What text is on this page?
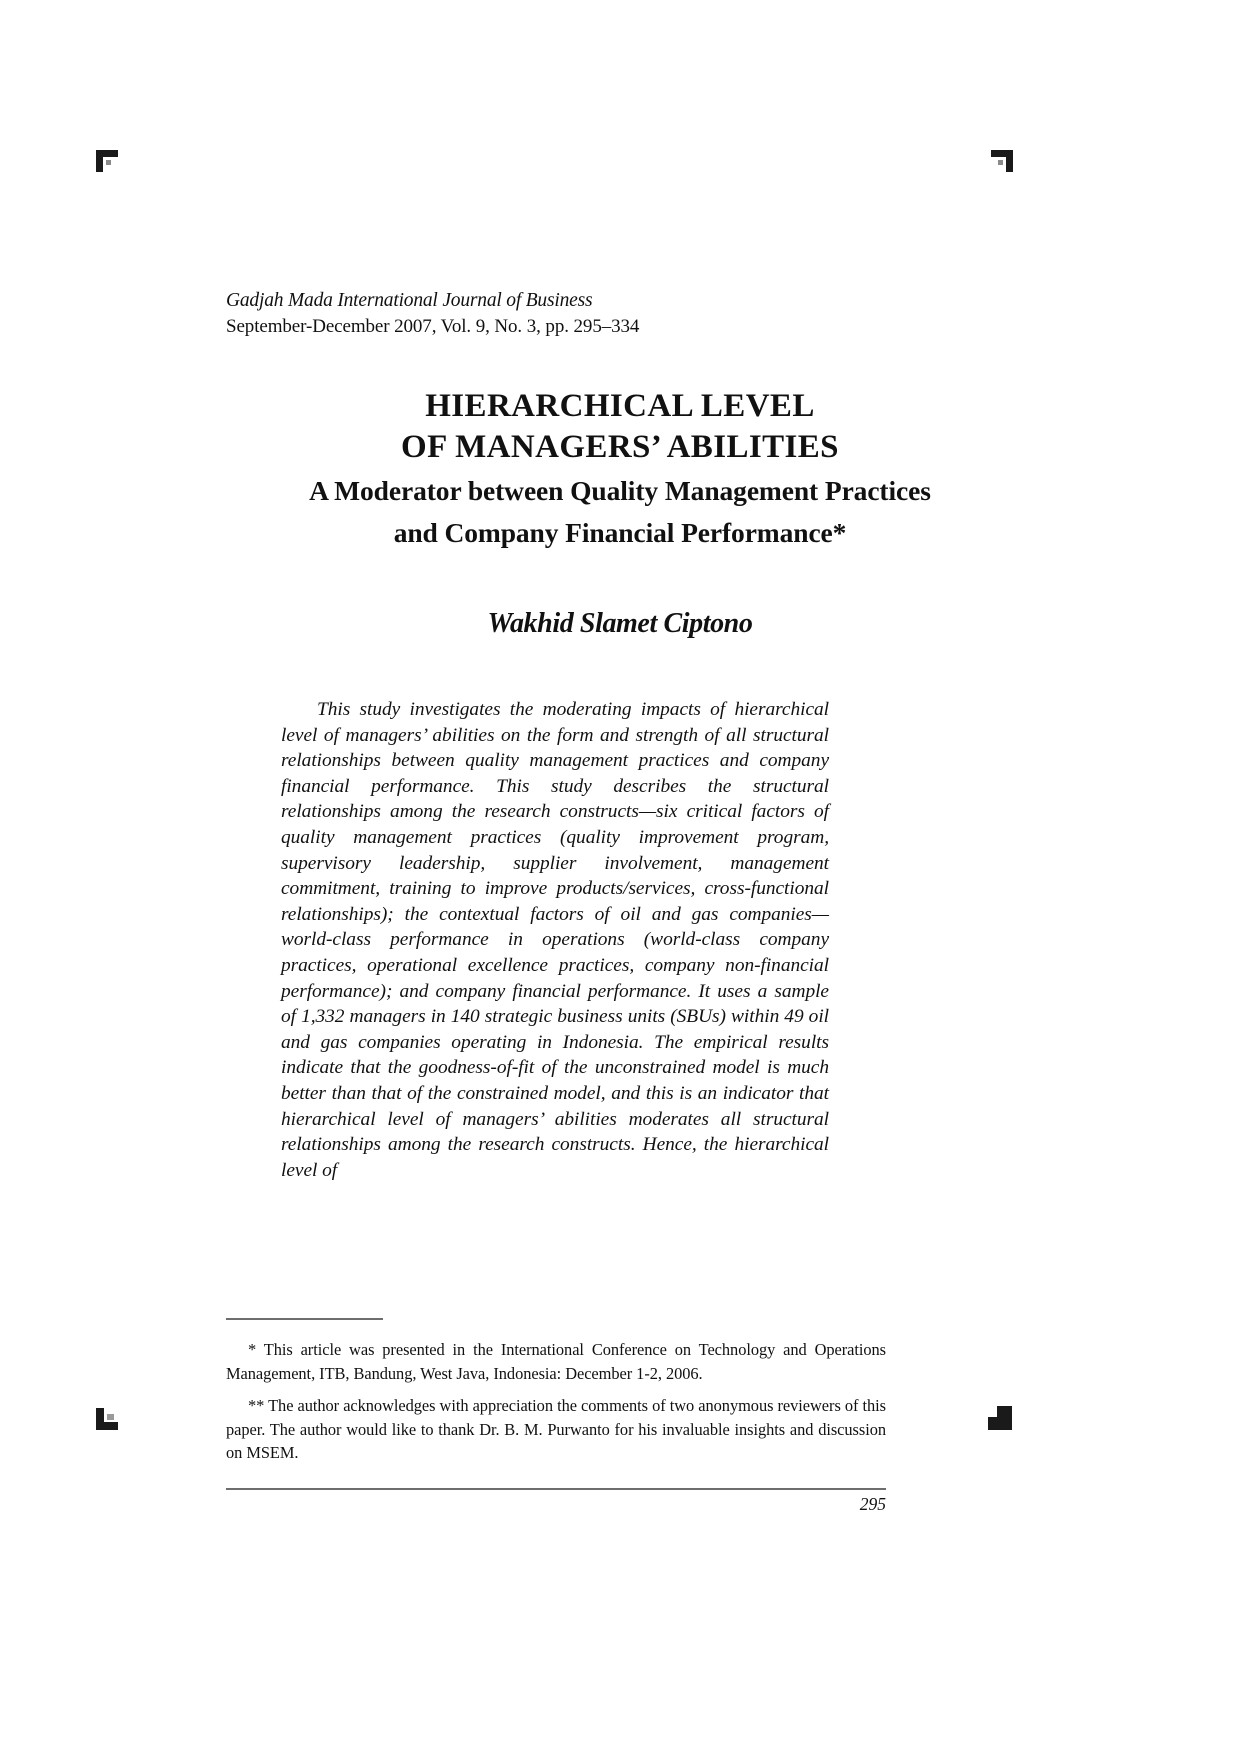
Gadjah Mada International Journal of Business
September-December 2007, Vol. 9, No. 3, pp. 295–334
HIERARCHICAL LEVEL
OF MANAGERS’ ABILITIES
A Moderator between Quality Management Practices
and Company Financial Performance*
Wakhid Slamet Ciptono

This study investigates the moderating impacts of hierarchical level of managers’ abilities on the form and strength of all structural relationships between quality management practices and company financial performance. This study describes the structural relationships among the research constructs—six critical factors of quality management practices (quality improvement program, supervisory leadership, supplier involvement, management commitment, training to improve products/services, cross-functional relationships); the contextual factors of oil and gas companies—world-class performance in operations (world-class company practices, operational excellence practices, company non-financial performance); and company financial performance. It uses a sample of 1,332 managers in 140 strategic business units (SBUs) within 49 oil and gas companies operating in Indonesia. The empirical results indicate that the goodness-of-fit of the unconstrained model is much better than that of the constrained model, and this is an indicator that hierarchical level of managers’ abilities moderates all structural relationships among the research constructs. Hence, the hierarchical level of

* This article was presented in the International Conference on Technology and Operations Management, ITB, Bandung, West Java, Indonesia: December 1-2, 2006.

** The author acknowledges with appreciation the comments of two anonymous reviewers of this paper. The author would like to thank Dr. B. M. Purwanto for his invaluable insights and discussion on MSEM.

295
